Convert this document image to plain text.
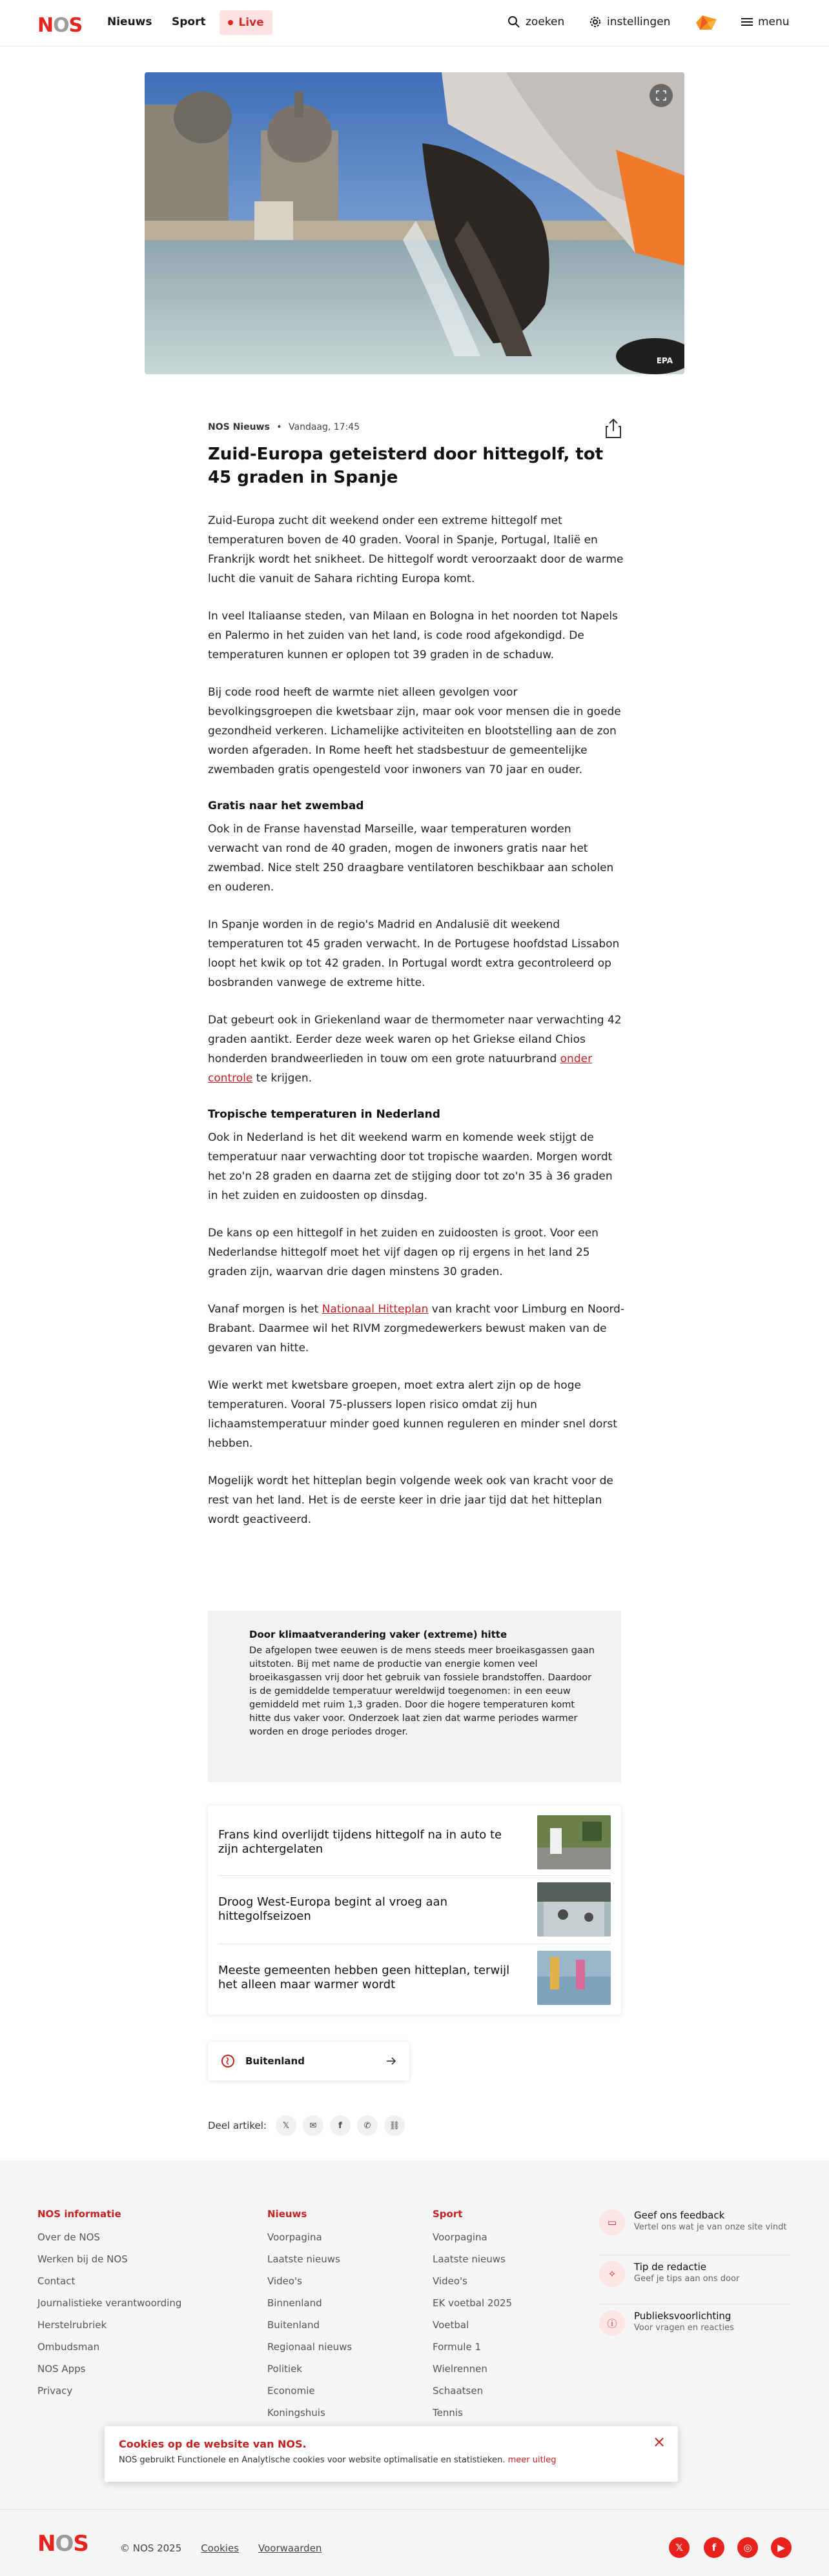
NOS Nieuws Sport	Live	zoeken	instellingen	menu
EPA
NOS Nieuws • Vandaag, 17:45
Zuid-Europa geteisterd door hittegolf, tot 45 graden in Spanje

Zuid-Europa zucht dit weekend onder een extreme hittegolf met temperaturen boven de 40 graden. Vooral in Spanje, Portugal, Italië en Frankrijk wordt het snikheet. De hittegolf wordt veroorzaakt door de warme lucht die vanuit de Sahara richting Europa komt.

In veel Italiaanse steden, van Milaan en Bologna in het noorden tot Napels en Palermo in het zuiden van het land, is code rood afgekondigd. De temperaturen kunnen er oplopen tot 39 graden in de schaduw.

Bij code rood heeft de warmte niet alleen gevolgen voor bevolkingsgroepen die kwetsbaar zijn, maar ook voor mensen die in goede gezondheid verkeren. Lichamelijke activiteiten en blootstelling aan de zon worden afgeraden. In Rome heeft het stadsbestuur de gemeentelijke zwembaden gratis opengesteld voor inwoners van 70 jaar en ouder.

Gratis naar het zwembad

Ook in de Franse havenstad Marseille, waar temperaturen worden verwacht van rond de 40 graden, mogen de inwoners gratis naar het zwembad. Nice stelt 250 draagbare ventilatoren beschikbaar aan scholen en ouderen.

In Spanje worden in de regio's Madrid en Andalusië dit weekend temperaturen tot 45 graden verwacht. In de Portugese hoofdstad Lissabon loopt het kwik op tot 42 graden. In Portugal wordt extra gecontroleerd op bosbranden vanwege de extreme hitte.

Dat gebeurt ook in Griekenland waar de thermometer naar verwachting 42 graden aantikt. Eerder deze week waren op het Griekse eiland Chios honderden brandweerlieden in touw om een grote natuurbrand onder controle te krijgen.

Tropische temperaturen in Nederland

Ook in Nederland is het dit weekend warm en komende week stijgt de temperatuur naar verwachting door tot tropische waarden. Morgen wordt het zo'n 28 graden en daarna zet de stijging door tot zo'n 35 à 36 graden in het zuiden en zuidoosten op dinsdag.

De kans op een hittegolf in het zuiden en zuidoosten is groot. Voor een Nederlandse hittegolf moet het vijf dagen op rij ergens in het land 25 graden zijn, waarvan drie dagen minstens 30 graden.

Vanaf morgen is het Nationaal Hitteplan van kracht voor Limburg en Noord-Brabant. Daarmee wil het RIVM zorgmedewerkers bewust maken van de gevaren van hitte.

Wie werkt met kwetsbare groepen, moet extra alert zijn op de hoge temperaturen. Vooral 75-plussers lopen risico omdat zij hun lichaamstemperatuur minder goed kunnen reguleren en minder snel dorst hebben.

Mogelijk wordt het hitteplan begin volgende week ook van kracht voor de rest van het land. Het is de eerste keer in drie jaar tijd dat het hitteplan wordt geactiveerd.

Door klimaatverandering vaker (extreme) hitte

De afgelopen twee eeuwen is de mens steeds meer broeikasgassen gaan uitstoten. Bij met name de productie van energie komen veel broeikasgassen vrij door het gebruik van fossiele brandstoffen. Daardoor is de gemiddelde temperatuur wereldwijd toegenomen: in een eeuw gemiddeld met ruim 1,3 graden. Door die hogere temperaturen komt hitte dus vaker voor. Onderzoek laat zien dat warme periodes warmer worden en droge periodes droger.

Frans kind overlijdt tijdens hittegolf na in auto te zijn achtergelaten
Droog West-Europa begint al vroeg aan hittegolfseizoen
Meeste gemeenten hebben geen hitteplan, terwijl het alleen maar warmer wordt
Buitenland
Deel artikel:	𝕏	✉	f	✆	⛓
NOS informatie
Over de NOS
Werken bij de NOS
Contact
Journalistieke verantwoording
Herstelrubriek
Ombudsman
NOS Apps
Privacy
Nieuws
Voorpagina
Laatste nieuws
Video's
Binnenland
Buitenland
Regionaal nieuws
Politiek
Economie
Koningshuis
Sport
Voorpagina
Laatste nieuws
Video's
EK voetbal 2025
Voetbal
Formule 1
Wielrennen
Schaatsen
Tennis
▭
Geef ons feedback
Vertel ons wat je van onze site vindt
✧
Tip de redactie
Geef je tips aan ons door
ⓘ
Publieksvoorlichting
Voor vragen en reacties
Cookies op de website van NOS.
NOS gebruikt Functionele en Analytische cookies voor website optimalisatie en statistieken. meer uitleg
×
NOS	© NOS 2025 Cookies Voorwaarden	𝕏	f	◎	▶
